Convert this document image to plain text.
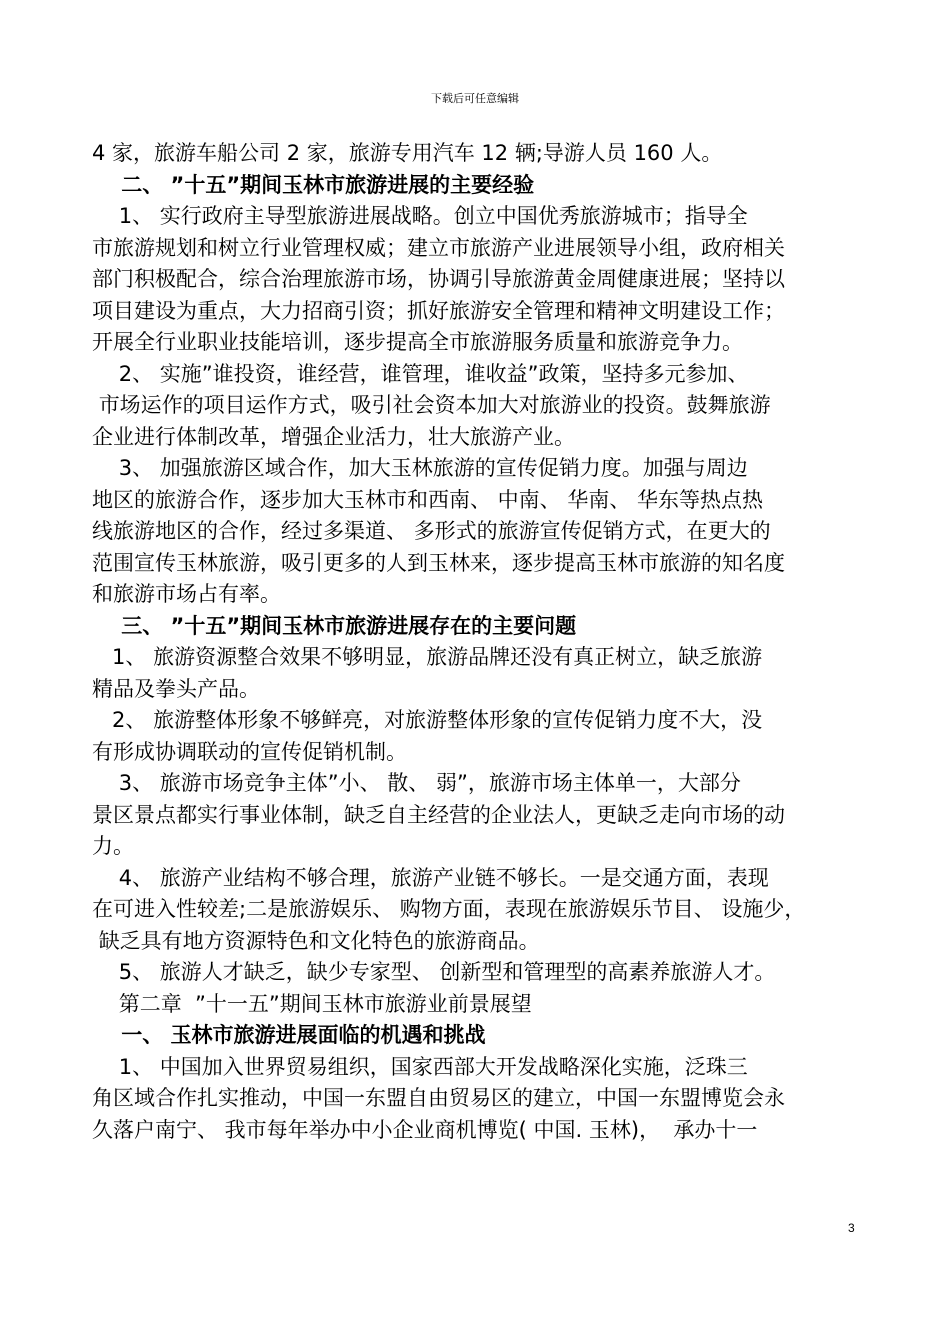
下载后可任意编辑
4 家，旅游车船公司 2 家，旅游专用汽车 12 辆;导游人员 160 人。
二、 ”十五”期间玉林市旅游进展的主要经验
1、 实行政府主导型旅游进展战略。创立中国优秀旅游城市；指导全
市旅游规划和树立行业管理权威；建立市旅游产业进展领导小组，政府相关
部门积极配合，综合治理旅游市场，协调引导旅游黄金周健康进展；坚持以
项目建设为重点，大力招商引资；抓好旅游安全管理和精神文明建设工作；
开展全行业职业技能培训，逐步提高全市旅游服务质量和旅游竞争力。
2、 实施”谁投资，谁经营，谁管理，谁收益”政策，坚持多元参加、
市场运作的项目运作方式，吸引社会资本加大对旅游业的投资。鼓舞旅游
企业进行体制改革，增强企业活力，壮大旅游产业。
3、 加强旅游区域合作，加大玉林旅游的宣传促销力度。加强与周边
地区的旅游合作，逐步加大玉林市和西南、 中南、 华南、 华东等热点热
线旅游地区的合作，经过多渠道、 多形式的旅游宣传促销方式，在更大的
范围宣传玉林旅游，吸引更多的人到玉林来，逐步提高玉林市旅游的知名度
和旅游市场占有率。
三、 ”十五”期间玉林市旅游进展存在的主要问题
1、 旅游资源整合效果不够明显，旅游品牌还没有真正树立，缺乏旅游
精品及拳头产品。
2、 旅游整体形象不够鲜亮，对旅游整体形象的宣传促销力度不大，没
有形成协调联动的宣传促销机制。
3、 旅游市场竞争主体”小、 散、 弱”，旅游市场主体单一，大部分
景区景点都实行事业体制，缺乏自主经营的企业法人，更缺乏走向市场的动
力。
4、 旅游产业结构不够合理，旅游产业链不够长。一是交通方面，表现
在可进入性较差;二是旅游娱乐、 购物方面，表现在旅游娱乐节目、 设施少，
缺乏具有地方资源特色和文化特色的旅游商品。
5、 旅游人才缺乏，缺少专家型、 创新型和管理型的高素养旅游人才。
第二章  ”十一五”期间玉林市旅游业前景展望
一、 玉林市旅游进展面临的机遇和挑战
1、 中国加入世界贸易组织，国家西部大开发战略深化实施，泛珠三
角区域合作扎实推动，中国一东盟自由贸易区的建立，中国一东盟博览会永
久落户南宁、 我市每年举办中小企业商机博览( 中国. 玉林)，  承办十一
3
